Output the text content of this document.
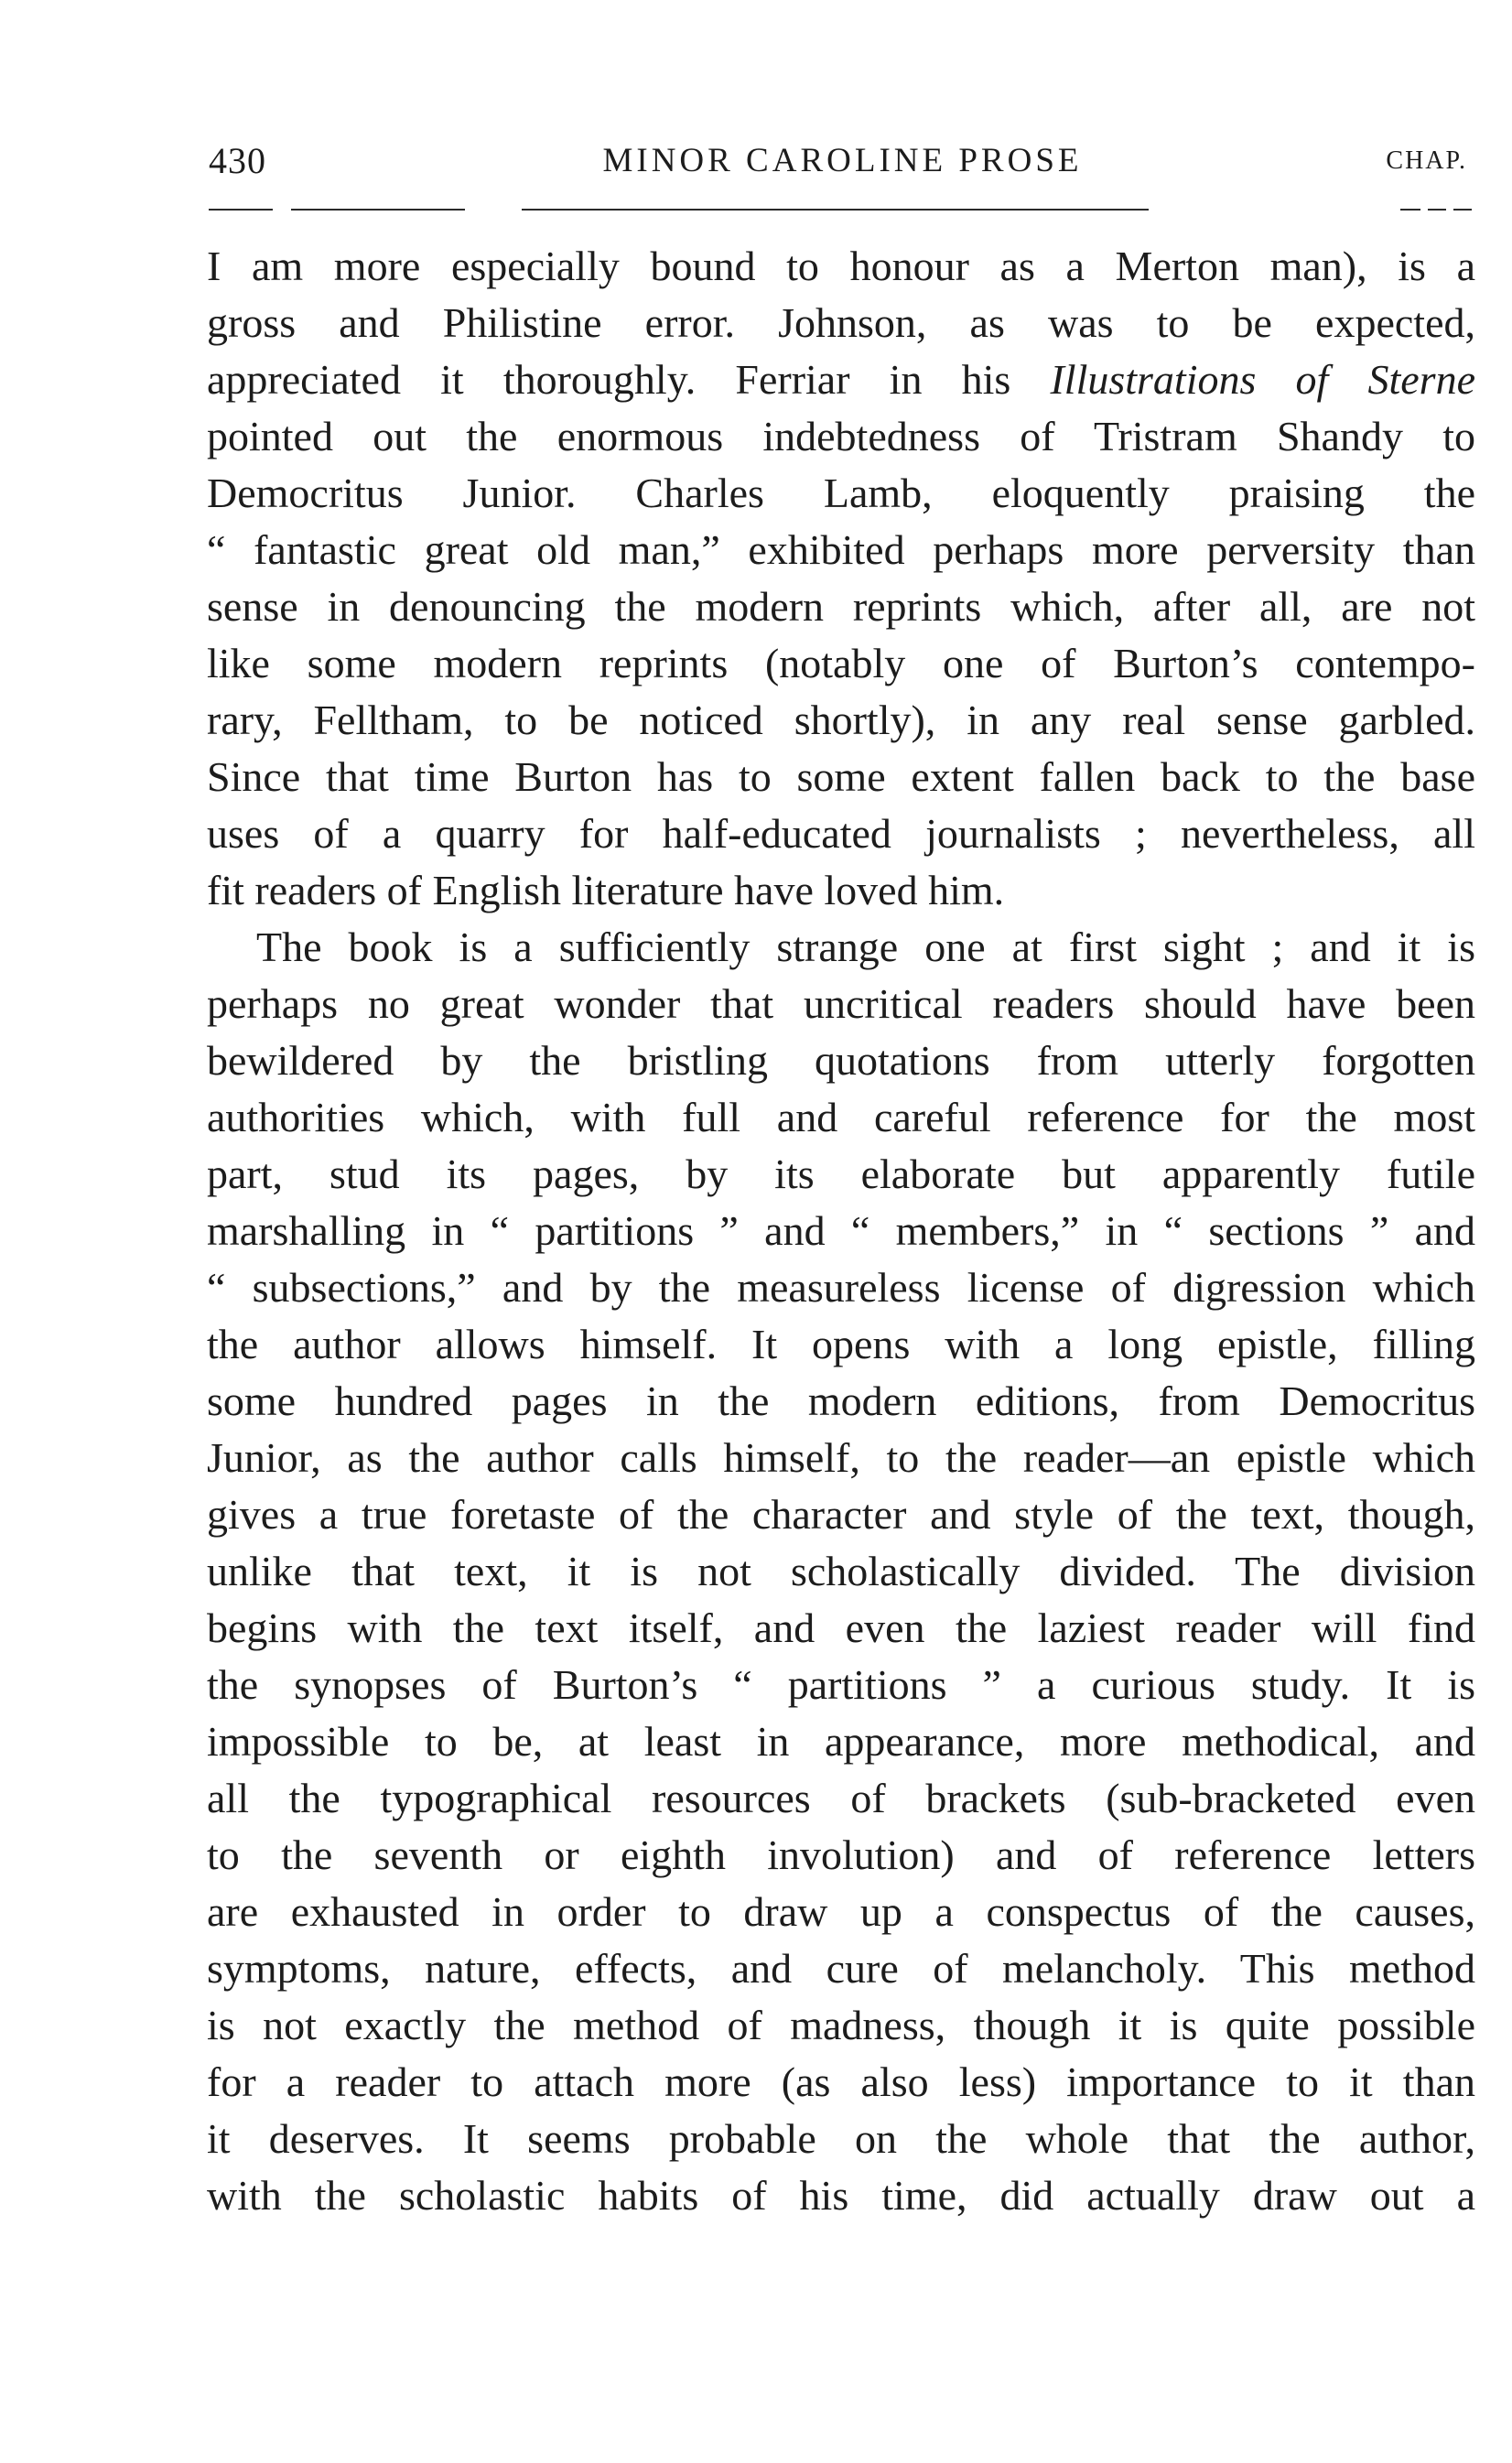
430	MINOR CAROLINE PROSE	CHAP.
I am more especially bound to honour as a Merton man), is a
gross and Philistine error. Johnson, as was to be expected,
appreciated it thoroughly. Ferriar in his Illustrations of Sterne
pointed out the enormous indebtedness of Tristram Shandy to
Democritus Junior. Charles Lamb, eloquently praising the
“ fantastic great old man,” exhibited perhaps more perversity than
sense in denouncing the modern reprints which, after all, are not
like some modern reprints (notably one of Burton’s contempo-
rary, Felltham, to be noticed shortly), in any real sense garbled.
Since that time Burton has to some extent fallen back to the base
uses of a quarry for half-educated journalists ; nevertheless, all
fit readers of English literature have loved him.
The book is a sufficiently strange one at first sight ; and it is
perhaps no great wonder that uncritical readers should have been
bewildered by the bristling quotations from utterly forgotten
authorities which, with full and careful reference for the most
part, stud its pages, by its elaborate but apparently futile
marshalling in “ partitions ” and “ members,” in “ sections ” and
“ subsections,” and by the measureless license of digression which
the author allows himself. It opens with a long epistle, filling
some hundred pages in the modern editions, from Democritus
Junior, as the author calls himself, to the reader—an epistle which
gives a true foretaste of the character and style of the text, though,
unlike that text, it is not scholastically divided. The division
begins with the text itself, and even the laziest reader will find
the synopses of Burton’s “ partitions ” a curious study. It is
impossible to be, at least in appearance, more methodical, and
all the typographical resources of brackets (sub-bracketed even
to the seventh or eighth involution) and of reference letters
are exhausted in order to draw up a conspectus of the causes,
symptoms, nature, effects, and cure of melancholy. This method
is not exactly the method of madness, though it is quite possible
for a reader to attach more (as also less) importance to it than
it deserves. It seems probable on the whole that the author,
with the scholastic habits of his time, did actually draw out a
